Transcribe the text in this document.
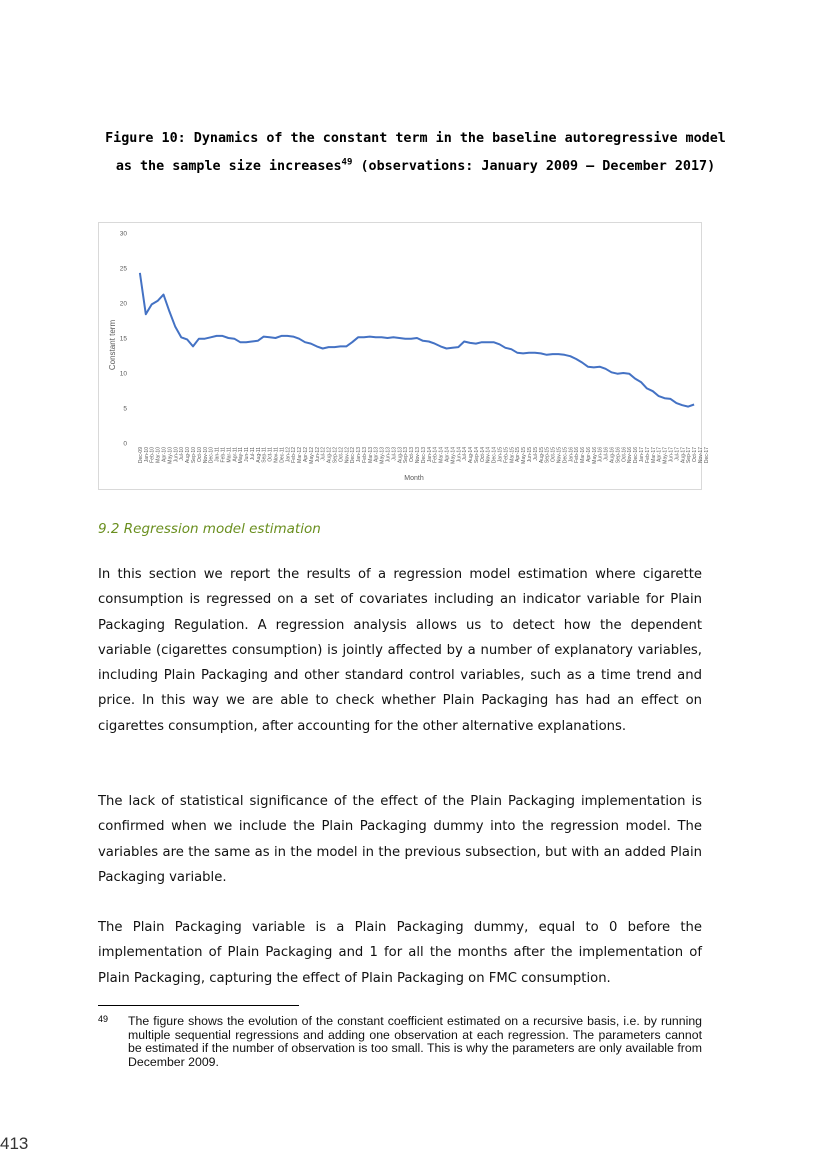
Figure 10: Dynamics of the constant term in the baseline autoregressive model as the sample size increases$^{49}$ (observations: January 2009 – December 2017)
0
5
10
15
20
25
30
Constant term
Dec-09 Jan-10 Feb-10 Mar-10 Apr-10 May-10 Jun-10 Jul-10 Aug-10 Sep-10 Oct-10 Nov-10 Dec-10 Jan-11 Feb-11 Mar-11 Apr-11 May-11 Jun-11 Jul-11 Aug-11 Sep-11 Oct-11 Nov-11 Dec-11 Jan-12 Feb-12 Mar-12 Apr-12 May-12 Jun-12 Jul-12 Aug-12 Sep-12 Oct-12 Nov-12 Dec-12 Jan-13 Feb-13 Mar-13 Apr-13 May-13 Jun-13 Jul-13 Aug-13 Sep-13 Oct-13 Nov-13 Dec-13 Jan-14 Feb-14 Mar-14 Apr-14 May-14 Jun-14 Jul-14 Aug-14 Sep-14 Oct-14 Nov-14 Dec-14 Jan-15 Feb-15 Mar-15 Apr-15 May-15 Jun-15 Jul-15 Aug-15 Sep-15 Oct-15 Nov-15 Dec-15 Jan-16 Feb-16 Mar-16 Apr-16 May-16 Jun-16 Jul-16 Aug-16 Sep-16 Oct-16 Nov-16 Dec-16 Jan-17 Feb-17 Mar-17 Apr-17 May-17 Jun-17 Jul-17 Aug-17 Sep-17 Oct-17 Nov-17 Dec-17
Month
9.2 Regression model estimation

In this section we report the results of a regression model estimation where cigarette consumption is regressed on a set of covariates including an indicator variable for Plain Packaging Regulation. A regression analysis allows us to detect how the dependent variable (cigarettes consumption) is jointly affected by a number of explanatory variables, including Plain Packaging and other standard control variables, such as a time trend and price. In this way we are able to check whether Plain Packaging has had an effect on cigarettes consumption, after accounting for the other alternative explanations.

The lack of statistical significance of the effect of the Plain Packaging implementation is confirmed when we include the Plain Packaging dummy into the regression model. The variables are the same as in the model in the previous subsection, but with an added Plain Packaging variable.

The Plain Packaging variable is a Plain Packaging dummy, equal to 0 before the implementation of Plain Packaging and 1 for all the months after the implementation of Plain Packaging, capturing the effect of Plain Packaging on FMC consumption.

49 The figure shows the evolution of the constant coefficient estimated on a recursive basis, i.e. by running multiple sequential regressions and adding one observation at each regression. The parameters cannot be estimated if the number of observation is too small. This is why the parameters are only available from December 2009.

413
